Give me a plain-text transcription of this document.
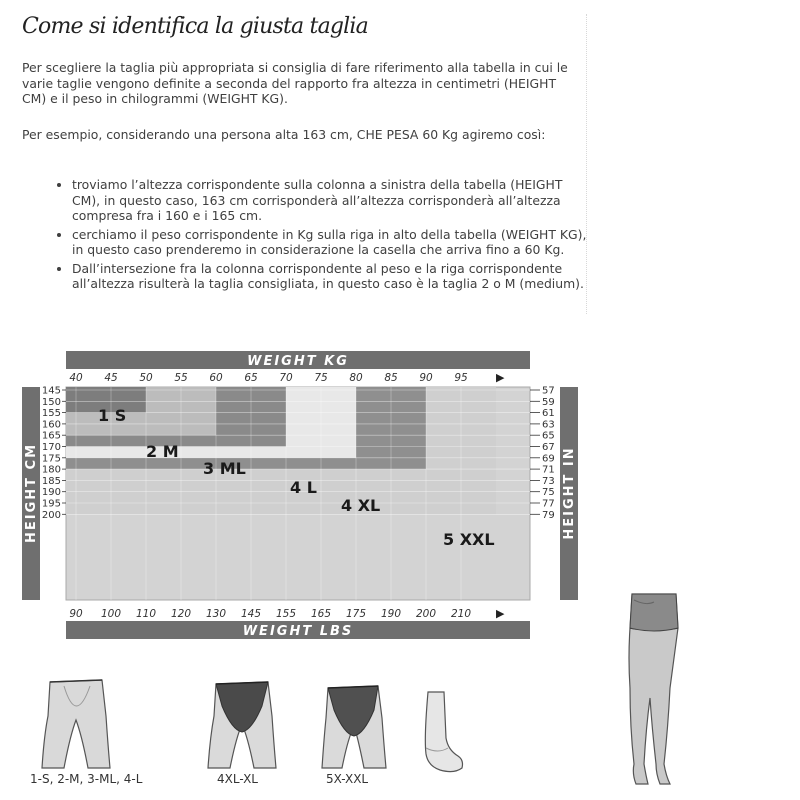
Come si identifica la giusta taglia

Per scegliere la taglia più appropriata si consiglia di fare riferimento alla tabella in cui le varie taglie vengono definite a seconda del rapporto fra altezza in centimetri (HEIGHT CM) e il peso in chilogrammi (WEIGHT KG).

Per esempio, considerando una persona alta 163 cm, CHE PESA 60 Kg agiremo così:

• troviamo l’altezza corrispondente sulla colonna a sinistra della tabella (HEIGHT CM), in questo caso, 163 cm corrisponderà all’altezza corrisponderà all’altezza compresa fra i 160 e i 165 cm.
• cerchiamo il peso corrispondente in Kg sulla riga in alto della tabella (WEIGHT KG), in questo caso prenderemo in considerazione la casella che arriva fino a 60 Kg.
• Dall’intersezione fra la colonna corrispondente al peso e la riga corrispondente all’altezza risulterà la taglia consigliata, in questo caso è la taglia 2 o M (medium).
1 S
2 M
3 ML
4 L
4 XL
5 XXL
WEIGHT KG
WEIGHT LBS
HEIGHT CM	HEIGHT IN
40 45 50 55 60 65 70 75 80 85 90 95
90 100 110 120 130 145 155 165 175 190 200 210
145
150
155
160
165
170
175
180
185
190
195
200
57
59
61
63
65
67
69
71
73
75
77
79
▶
▶
1-S, 2-M, 3-ML, 4-L	4XL-XL	5X-XXL
